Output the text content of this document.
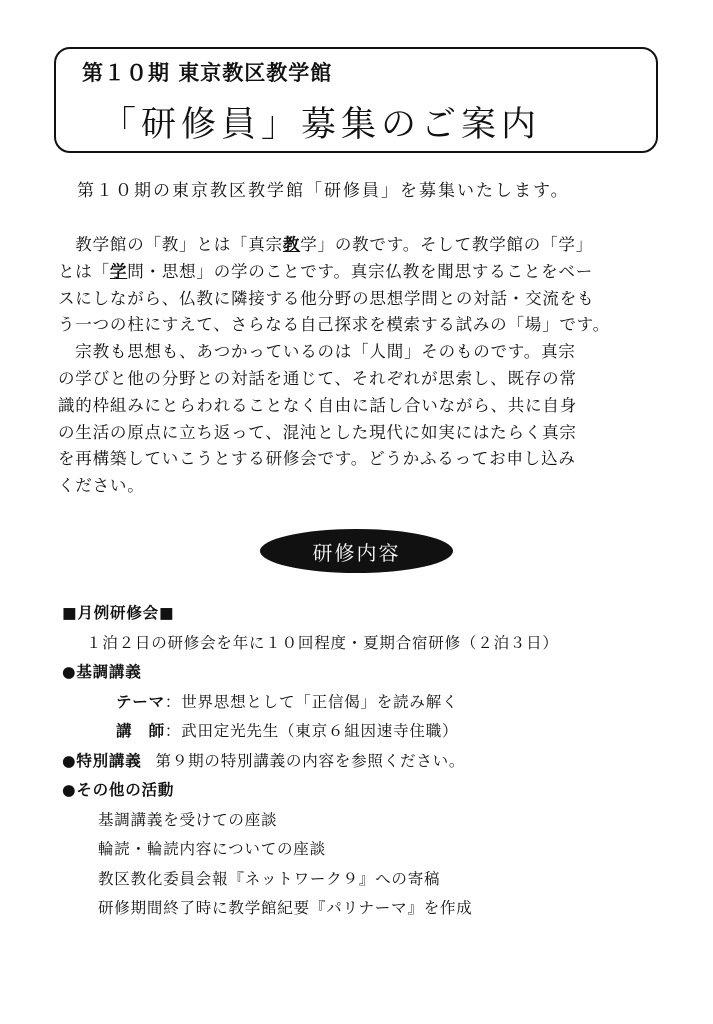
第１０期 東京教区教学館
「研修員」募集のご案内
第１０期の東京教区教学館「研修員」を募集いたします。

　教学館の「教」とは「真宗教学」の教です。そして教学館の「学」

とは「学問・思想」の学のことです。真宗仏教を聞思することをベー

スにしながら、仏教に隣接する他分野の思想学問との対話・交流をも

う一つの柱にすえて、さらなる自己探求を模索する試みの「場」です。

　宗教も思想も、あつかっているのは「人間」そのものです。真宗

の学びと他の分野との対話を通じて、それぞれが思索し、既存の常

識的枠組みにとらわれることなく自由に話し合いながら、共に自身

の生活の原点に立ち返って、混沌とした現代に如実にはたらく真宗

を再構築していこうとする研修会です。どうかふるってお申し込み

ください。

研修内容
■月例研修会■
１泊２日の研修会を年に１０回程度・夏期合宿研修（２泊３日）
●基調講義
テーマ：世界思想として「正信偈」を読み解く
講　師：武田定光先生（東京６組因速寺住職）
●特別講義 第９期の特別講義の内容を参照ください。
●その他の活動
基調講義を受けての座談
輪読・輪読内容についての座談
教区教化委員会報『ネットワーク９』への寄稿
研修期間終了時に教学館紀要『パリナーマ』を作成
